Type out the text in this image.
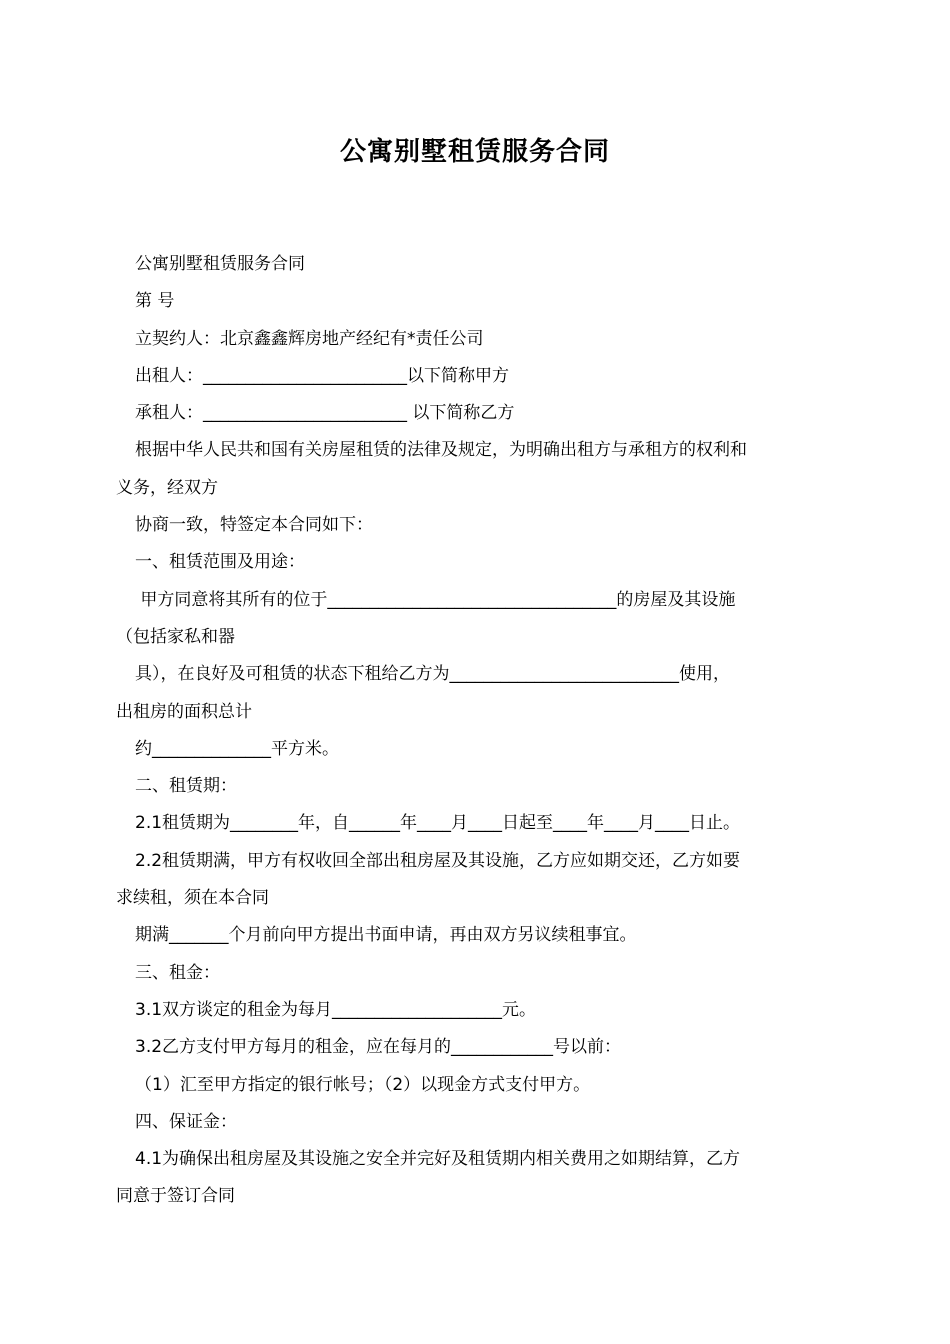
公寓别墅租赁服务合同
公寓别墅租赁服务合同
第 号
立契约人：北京鑫鑫辉房地产经纪有*责任公司
出租人：________________________以下简称甲方
承租人：________________________ 以下简称乙方
根据中华人民共和国有关房屋租赁的法律及规定，为明确出租方与承租方的权利和
义务，经双方
协商一致，特签定本合同如下：
一、租赁范围及用途：
甲方同意将其所有的位于__________________________________的房屋及其设施
（包括家私和器
具），在良好及可租赁的状态下租给乙方为___________________________使用，
出租房的面积总计
约______________平方米。
二、租赁期：
2.1租赁期为________年，自______年____月____日起至____年____月____日止。
2.2租赁期满，甲方有权收回全部出租房屋及其设施，乙方应如期交还，乙方如要
求续租，须在本合同
期满_______个月前向甲方提出书面申请，再由双方另议续租事宜。
三、租金：
3.1双方谈定的租金为每月____________________元。
3.2乙方支付甲方每月的租金，应在每月的____________号以前：
（1）汇至甲方指定的银行帐号；（2）以现金方式支付甲方。
四、保证金：
4.1为确保出租房屋及其设施之安全并完好及租赁期内相关费用之如期结算，乙方
同意于签订合同
